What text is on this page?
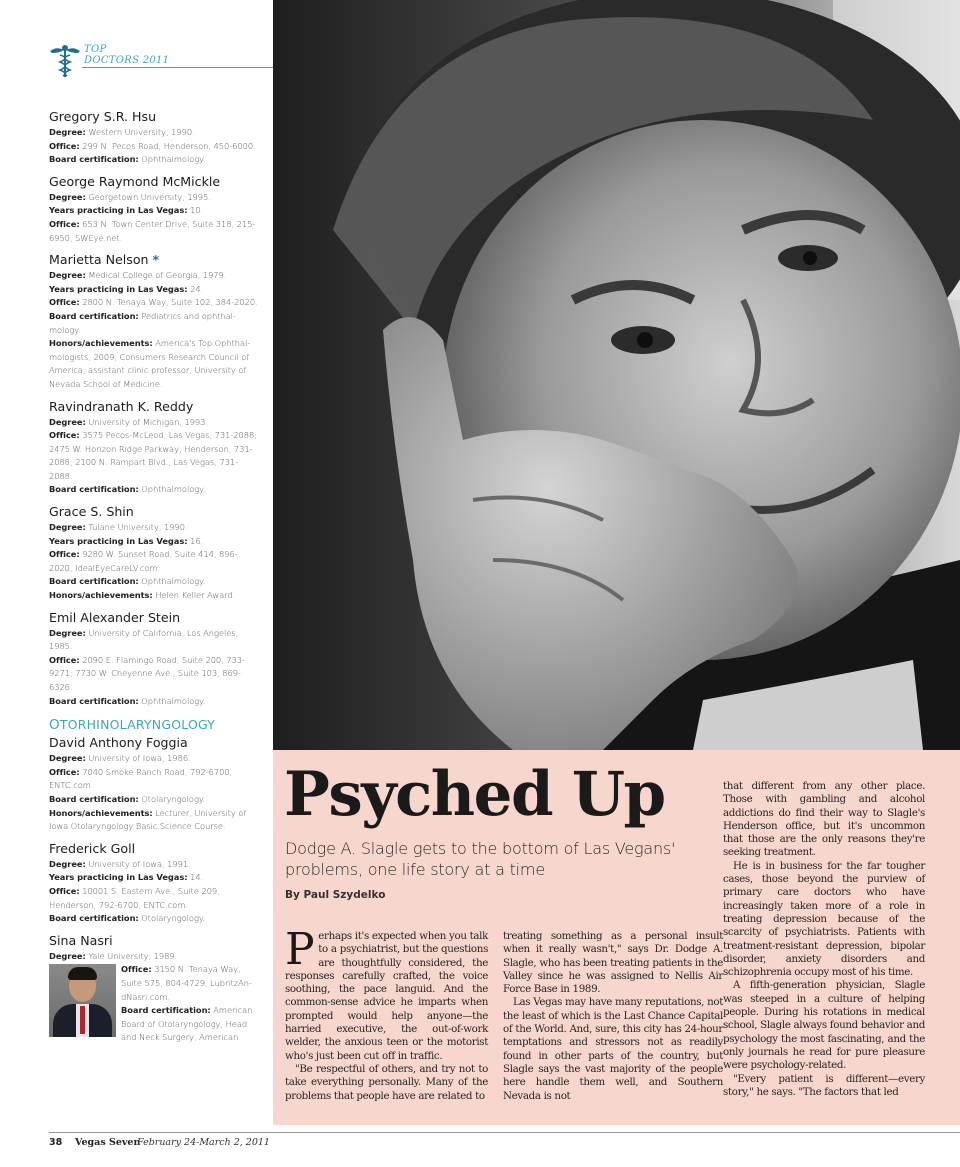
TOP
DOCTORS 2011
Gregory S.R. Hsu
Degree: Western University, 1990.
Office: 299 N. Pecos Road, Henderson, 450-6000.
Board certification: Ophthalmology.
George Raymond McMickle
Degree: Georgetown University, 1995.
Years practicing in Las Vegas: 10.
Office: 653 N. Town Center Drive, Suite 318, 215-6950, SWEye.net.
Marietta Nelson *
Degree: Medical College of Georgia, 1979.
Years practicing in Las Vegas: 24.
Office: 2800 N. Tenaya Way, Suite 102, 384-2020.
Board certification: Pediatrics and ophthal-mology.
Honors/achievements: America's Top Ophthal-mologists, 2009, Consumers Research Council of America, assistant clinic professor, University of Nevada School of Medicine.
Ravindranath K. Reddy
Degree: University of Michigan, 1993.
Office: 3575 Pecos-McLeod, Las Vegas, 731-2088; 2475 W. Horizon Ridge Parkway, Henderson, 731-2088; 2100 N. Rampart Blvd., Las Vegas, 731-2088.
Board certification: Ophthalmology.
Grace S. Shin
Degree: Tulane University, 1990.
Years practicing in Las Vegas: 16.
Office: 9280 W. Sunset Road, Suite 414, 896-2020, IdealEyeCareLV.com.
Board certification: Ophthalmology.
Honors/achievements: Helen Keller Award.
Emil Alexander Stein
Degree: University of California, Los Angeles, 1985.
Office: 2090 E. Flamingo Road, Suite 200, 733-9271; 7730 W. Cheyenne Ave., Suite 103, 869-6326.
Board certification: Ophthalmology.
OTORHINOLARYNGOLOGY
David Anthony Foggia
Degree: University of Iowa, 1986.
Office: 7040 Smoke Ranch Road, 792-6700, ENTC.com.
Board certification: Otolaryngology.
Honors/achievements: Lecturer, University of Iowa Otolaryngology Basic Science Course.
Frederick Goll
Degree: University of Iowa, 1991.
Years practicing in Las Vegas: 14.
Office: 10001 S. Eastern Ave., Suite 209, Henderson, 792-6700, ENTC.com.
Board certification: Otolaryngology.
Sina Nasri
Degree: Yale University, 1989.
Office: 3150 N. Tenaya Way, Suite 575, 804-4729, LubritzAn-dNasri.com.
Board certification: American Board of Otolaryngology, Head and Neck Surgery, American
Psyched Up
Dodge A. Slagle gets to the bottom of Las Vegans' problems, one life story at a time
By Paul Szydelko

Perhaps it's expected when you talk to a psychiatrist, but the questions are thoughtfully considered, the responses carefully crafted, the voice soothing, the pace languid. And the common-sense advice he imparts when prompted would help anyone—the harried executive, the out-of-work welder, the anxious teen or the motorist who's just been cut off in traffic.

"Be respectful of others, and try not to take everything personally. Many of the problems that people have are related to

treating something as a personal insult when it really wasn't," says Dr. Dodge A. Slagle, who has been treating patients in the Valley since he was assigned to Nellis Air Force Base in 1989.

Las Vegas may have many reputations, not the least of which is the Last Chance Capital of the World. And, sure, this city has 24-hour temptations and stressors not as readily found in other parts of the country, but Slagle says the vast majority of the people here handle them well, and Southern Nevada is not

that different from any other place. Those with gambling and alcohol addictions do find their way to Slagle's Henderson office, but it's uncommon that those are the only reasons they're seeking treatment.

He is in business for the far tougher cases, those beyond the purview of primary care doctors who have increasingly taken more of a role in treating depression because of the scarcity of psychiatrists. Patients with treatment-resistant depression, bipolar disorder, anxiety disorders and schizophrenia occupy most of his time.

A fifth-generation physician, Slagle was steeped in a culture of helping people. During his rotations in medical school, Slagle always found behavior and psychology the most fascinating, and the only journals he read for pure pleasure were psychology-related.

"Every patient is different—every story," he says. "The factors that led

38 Vegas Seven
February 24-March 2, 2011
